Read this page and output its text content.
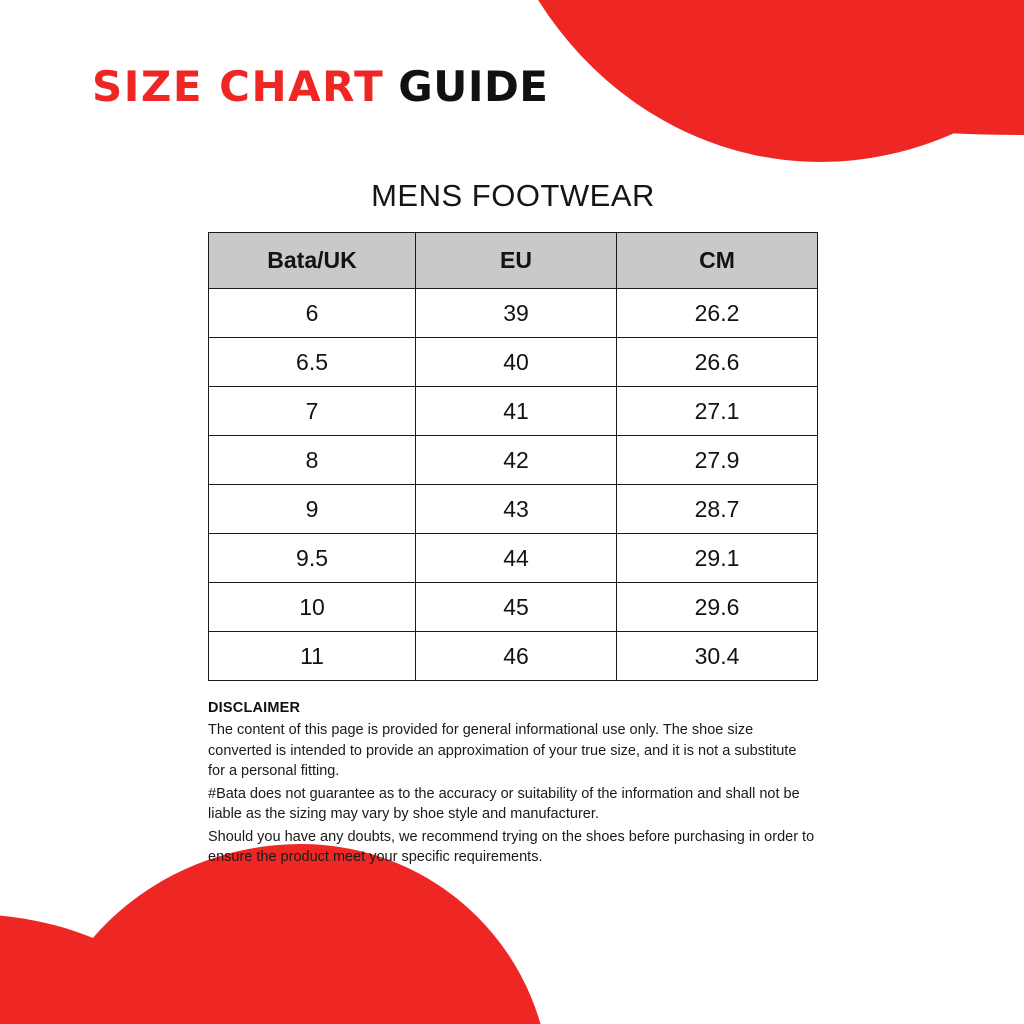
SIZE CHART GUIDE
MENS FOOTWEAR
Bata/UK	EU	CM
6	39	26.2
6.5	40	26.6
7	41	27.1
8	42	27.9
9	43	28.7
9.5	44	29.1
10	45	29.6
11	46	30.4
DISCLAIMER

The content of this page is provided for general informational use only. The shoe size converted is intended to provide an approximation of your true size, and it is not a substitute for a personal fitting.

#Bata does not guarantee as to the accuracy or suitability of the information and shall not be liable as the sizing may vary by shoe style and manufacturer.

Should you have any doubts, we recommend trying on the shoes before purchasing in order to ensure the product meet your specific requirements.
